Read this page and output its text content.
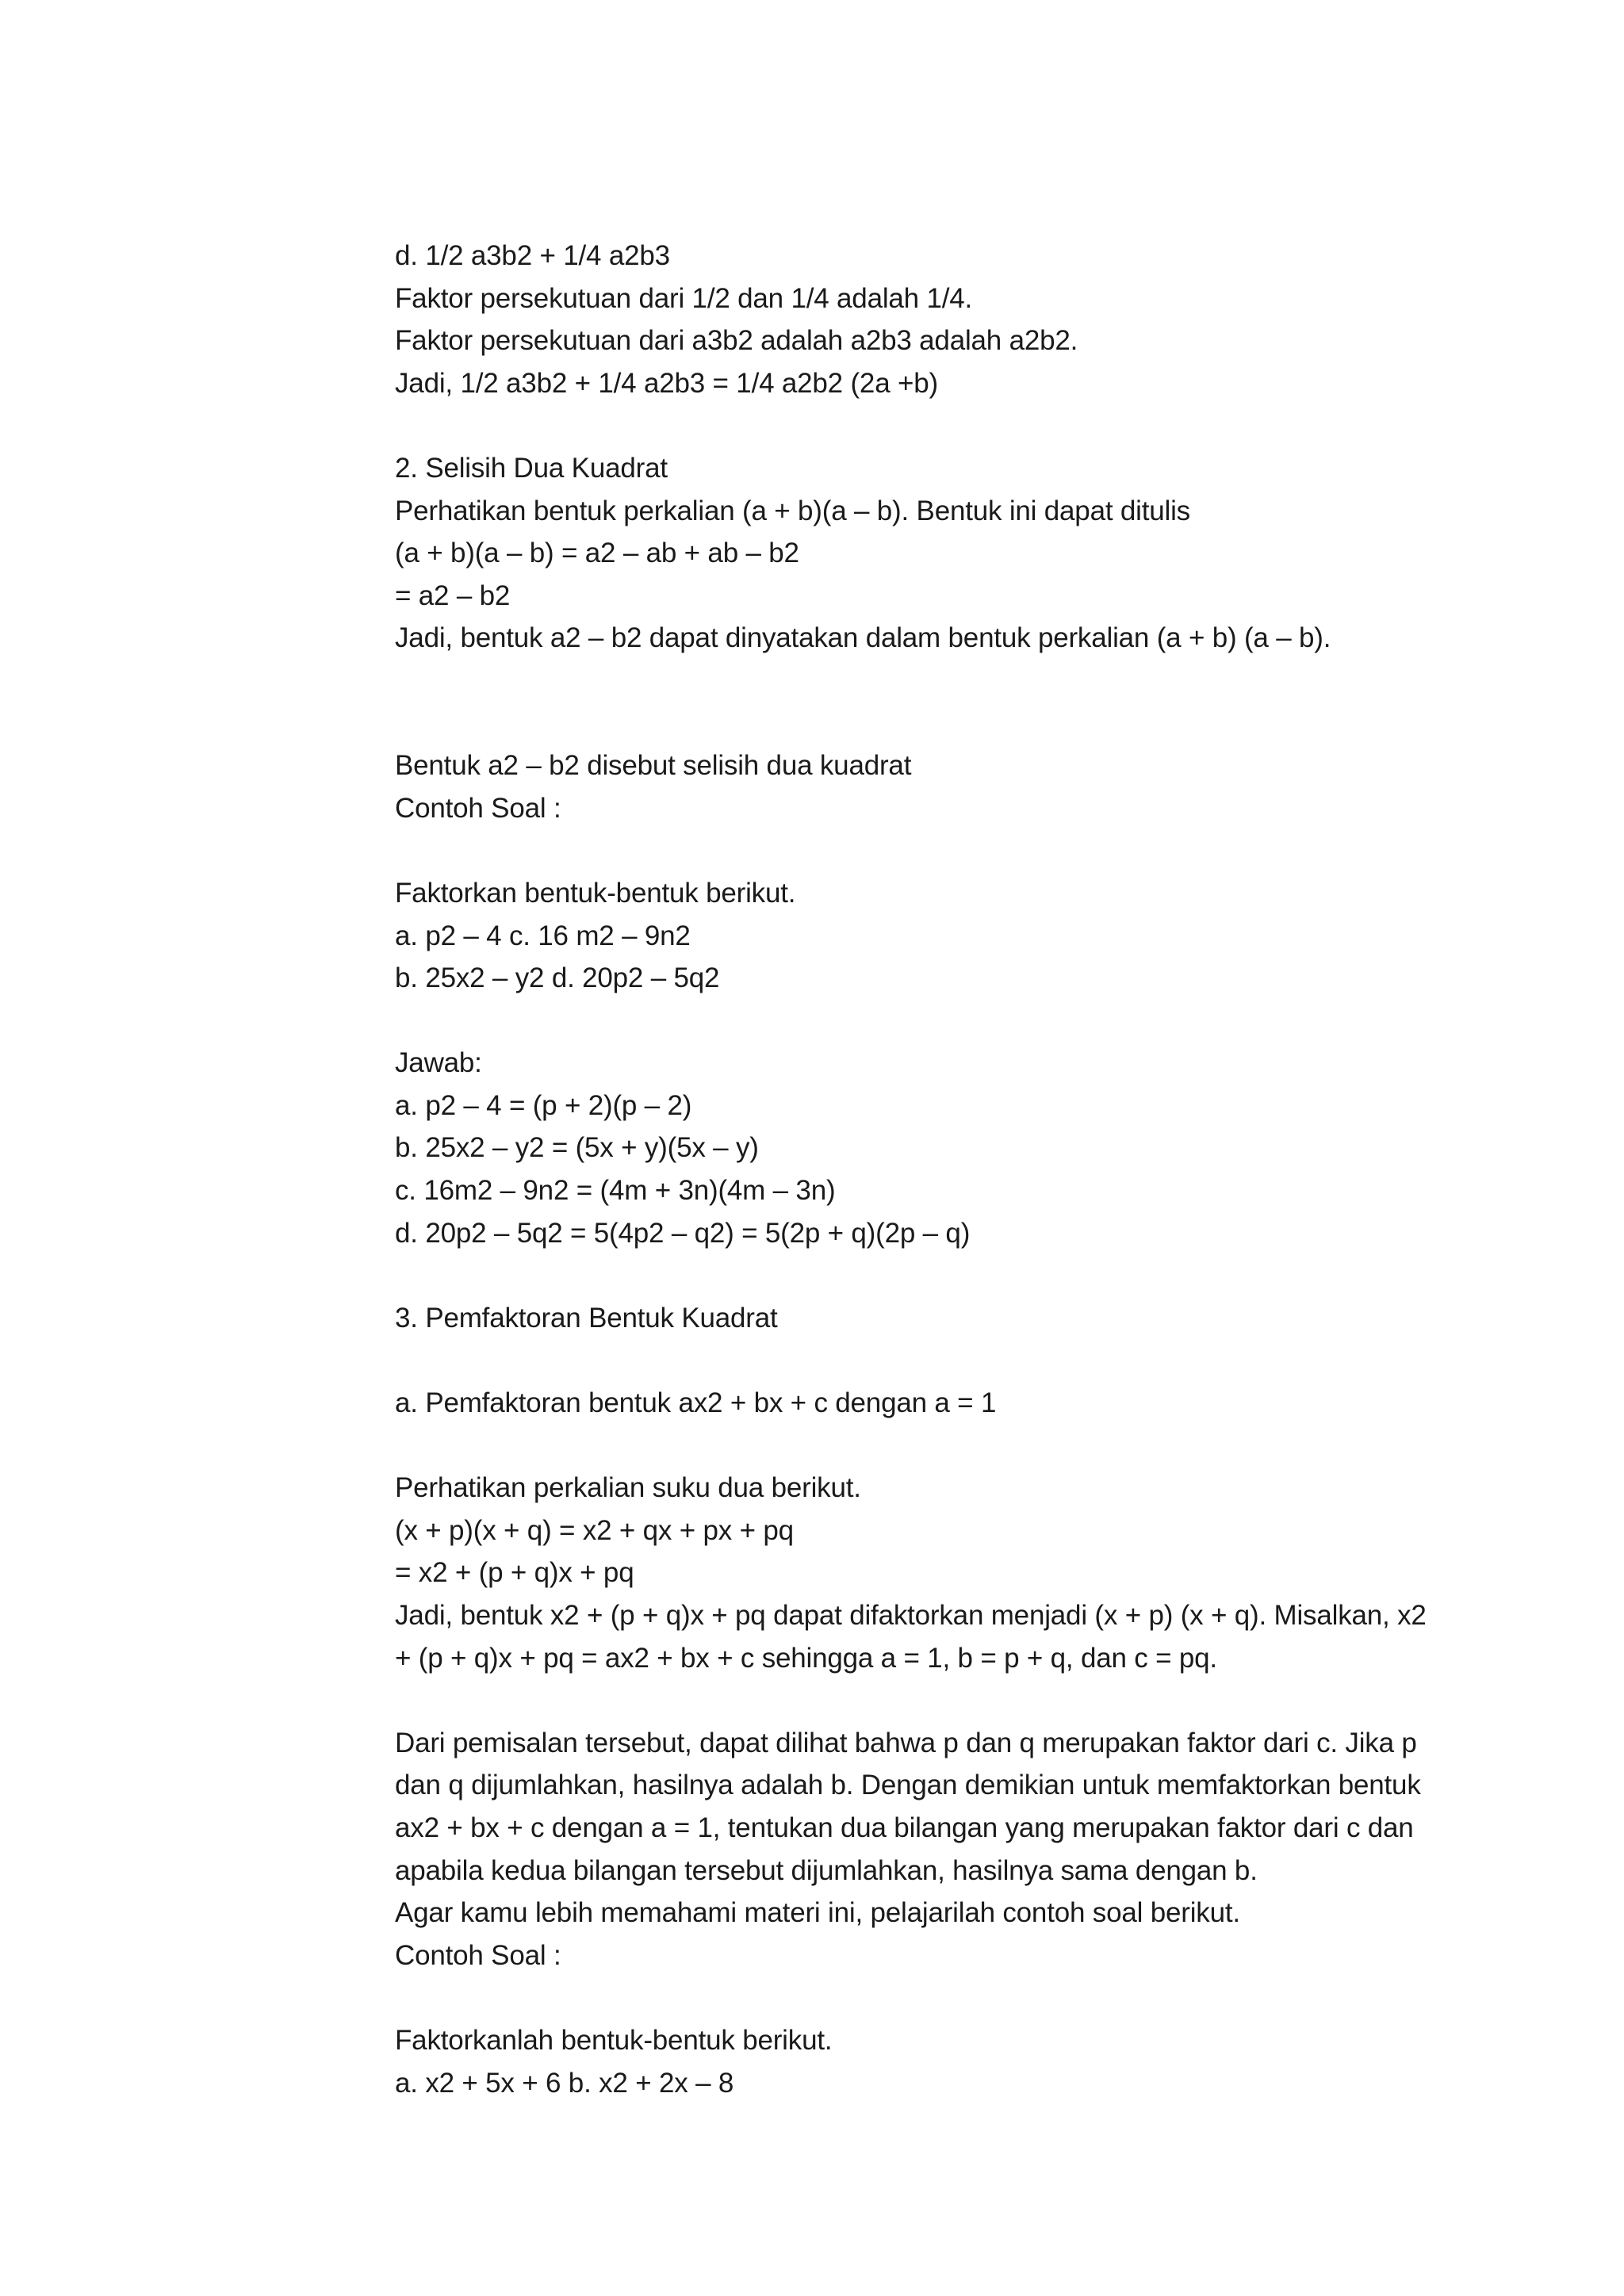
d. 1/2 a3b2 + 1/4 a2b3
Faktor persekutuan dari 1/2 dan 1/4 adalah 1/4.
Faktor persekutuan dari a3b2 adalah a2b3 adalah a2b2.
Jadi, 1/2 a3b2 + 1/4 a2b3 = 1/4 a2b2 (2a +b)
2. Selisih Dua Kuadrat
Perhatikan bentuk perkalian (a + b)(a – b). Bentuk ini dapat ditulis
(a + b)(a – b) = a2 – ab + ab – b2
= a2 – b2
Jadi, bentuk a2 – b2 dapat dinyatakan dalam bentuk perkalian (a + b) (a – b).
Bentuk a2 – b2 disebut selisih dua kuadrat
Contoh Soal :
Faktorkan bentuk-bentuk berikut.
a. p2 – 4 c. 16 m2 – 9n2
b. 25x2 – y2 d. 20p2 – 5q2
Jawab:
a. p2 – 4 = (p + 2)(p – 2)
b. 25x2 – y2 = (5x + y)(5x – y)
c. 16m2 – 9n2 = (4m + 3n)(4m – 3n)
d. 20p2 – 5q2 = 5(4p2 – q2) = 5(2p + q)(2p – q)
3. Pemfaktoran Bentuk Kuadrat
a. Pemfaktoran bentuk ax2 + bx + c dengan a = 1
Perhatikan perkalian suku dua berikut.
(x + p)(x + q) = x2 + qx + px + pq
= x2 + (p + q)x + pq
Jadi, bentuk x2 + (p + q)x + pq dapat difaktorkan menjadi (x + p) (x + q). Misalkan, x2
+ (p + q)x + pq = ax2 + bx + c sehingga a = 1, b = p + q, dan c = pq.
Dari pemisalan tersebut, dapat dilihat bahwa p dan q merupakan faktor dari c. Jika p
dan q dijumlahkan, hasilnya adalah b. Dengan demikian untuk memfaktorkan bentuk
ax2 + bx + c dengan a = 1, tentukan dua bilangan yang merupakan faktor dari c dan
apabila kedua bilangan tersebut dijumlahkan, hasilnya sama dengan b.
Agar kamu lebih memahami materi ini, pelajarilah contoh soal berikut.
Contoh Soal :
Faktorkanlah bentuk-bentuk berikut.
a. x2 + 5x + 6 b. x2 + 2x – 8
